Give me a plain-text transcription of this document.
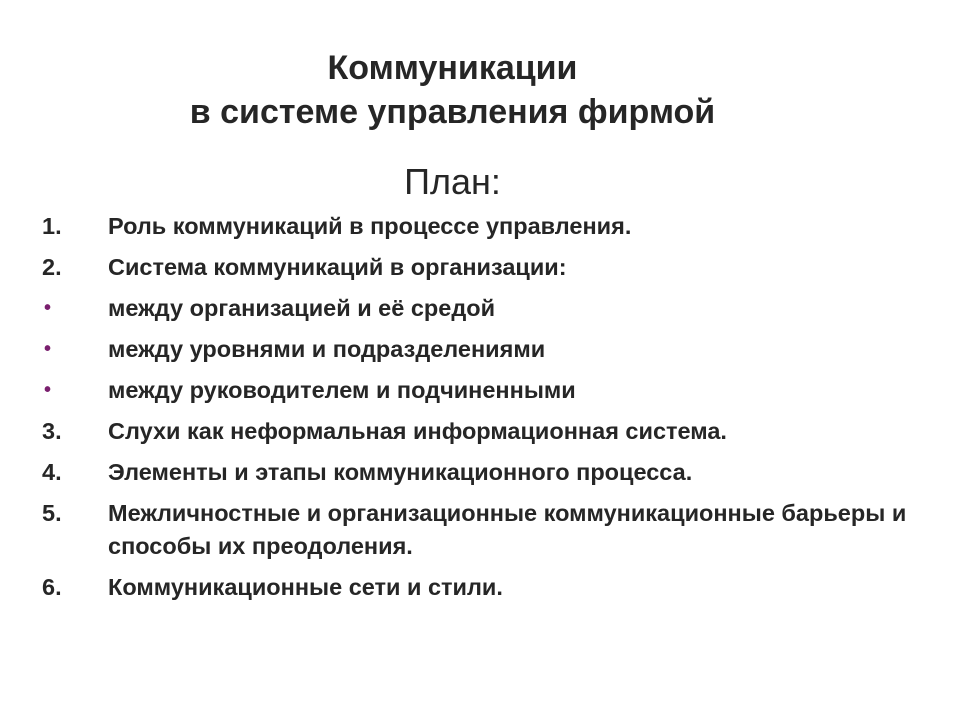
Коммуникации
в системе управления фирмой
План:
1.	Роль коммуникаций в процессе управления.
2.	Система коммуникаций в организации:
•	между организацией и её средой
•	между уровнями и подразделениями
•	между руководителем и подчиненными
3.	Слухи как неформальная информационная система.
4.	Элементы и этапы коммуникационного процесса.
5.	Межличностные и организационные коммуникационные барьеры и способы их преодоления.
6.	Коммуникационные сети и стили.
